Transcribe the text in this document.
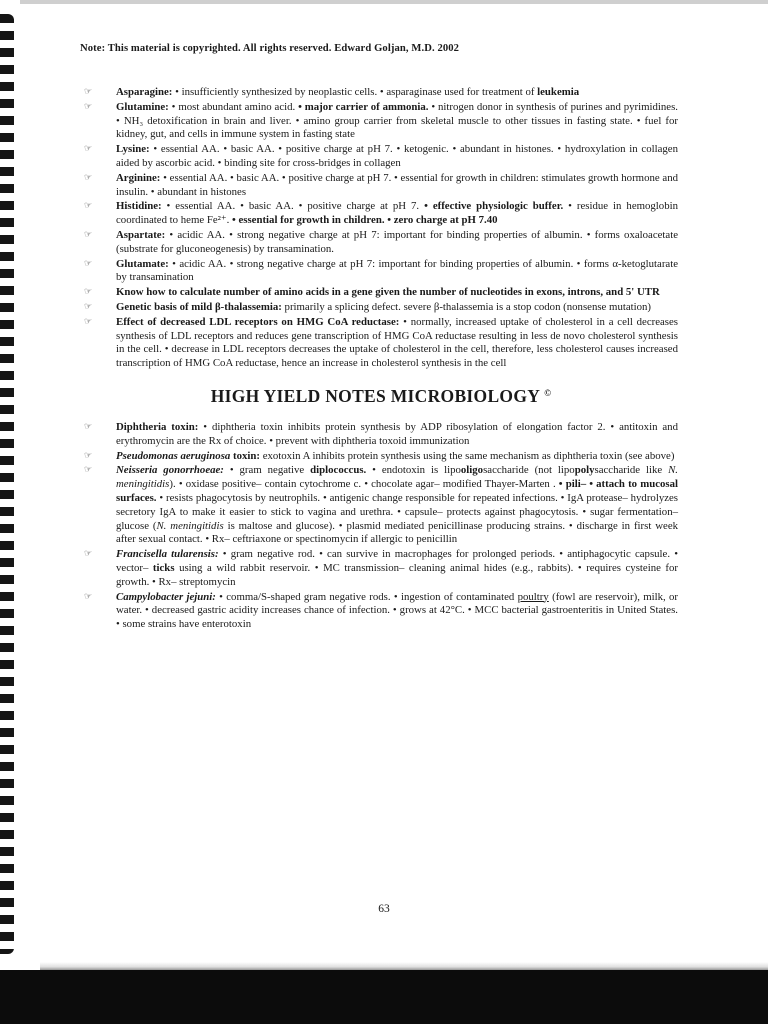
Note: This material is copyrighted. All rights reserved. Edward Goljan, M.D. 2002
☞	Asparagine: • insufficiently synthesized by neoplastic cells. • asparaginase used for treatment of leukemia
☞	Glutamine: • most abundant amino acid. • major carrier of ammonia. • nitrogen donor in synthesis of purines and pyrimidines. • NH₃ detoxification in brain and liver. • amino group carrier from skeletal muscle to other tissues in fasting state. • fuel for kidney, gut, and cells in immune system in fasting state
☞	Lysine: • essential AA. • basic AA. • positive charge at pH 7. • ketogenic. • abundant in histones. • hydroxylation in collagen aided by ascorbic acid. • binding site for cross-bridges in collagen
☞	Arginine: • essential AA. • basic AA. • positive charge at pH 7. • essential for growth in children: stimulates growth hormone and insulin. • abundant in histones
☞	Histidine: • essential AA. • basic AA. • positive charge at pH 7. • effective physiologic buffer. • residue in hemoglobin coordinated to heme Fe²⁺. • essential for growth in children. • zero charge at pH 7.40
☞	Aspartate: • acidic AA. • strong negative charge at pH 7: important for binding properties of albumin. • forms oxaloacetate (substrate for gluconeogenesis) by transamination.
☞	Glutamate: • acidic AA. • strong negative charge at pH 7: important for binding properties of albumin. • forms α-ketoglutarate by transamination
☞	Know how to calculate number of amino acids in a gene given the number of nucleotides in exons, introns, and 5' UTR
☞	Genetic basis of mild β-thalassemia: primarily a splicing defect. severe β-thalassemia is a stop codon (nonsense mutation)
☞	Effect of decreased LDL receptors on HMG CoA reductase: • normally, increased uptake of cholesterol in a cell decreases synthesis of LDL receptors and reduces gene transcription of HMG CoA reductase resulting in less de novo cholesterol synthesis in the cell. • decrease in LDL receptors decreases the uptake of cholesterol in the cell, therefore, less cholesterol causes increased transcription of HMG CoA reductase, hence an increase in cholesterol synthesis in the cell
HIGH YIELD NOTES MICROBIOLOGY ©
☞	Diphtheria toxin: • diphtheria toxin inhibits protein synthesis by ADP ribosylation of elongation factor 2. • antitoxin and erythromycin are the Rx of choice. • prevent with diphtheria toxoid immunization
☞	Pseudomonas aeruginosa toxin: exotoxin A inhibits protein synthesis using the same mechanism as diphtheria toxin (see above)
☞	Neisseria gonorrhoeae: • gram negative diplococcus. • endotoxin is lipooligosaccharide (not lipopolysaccharide like N. meningitidis). • oxidase positive– contain cytochrome c. • chocolate agar– modified Thayer-Marten . • pili– • attach to mucosal surfaces. • resists phagocytosis by neutrophils. • antigenic change responsible for repeated infections. • IgA protease– hydrolyzes secretory IgA to make it easier to stick to vagina and urethra. • capsule– protects against phagocytosis. • sugar fermentation– glucose (N. meningitidis is maltose and glucose). • plasmid mediated penicillinase producing strains. • discharge in first week after sexual contact. • Rx– ceftriaxone or spectinomycin if allergic to penicillin
☞	Francisella tularensis: • gram negative rod. • can survive in macrophages for prolonged periods. • antiphagocytic capsule. • vector– ticks using a wild rabbit reservoir. • MC transmission– cleaning animal hides (e.g., rabbits). • requires cysteine for growth. • Rx– streptomycin
☞	Campylobacter jejuni: • comma/S-shaped gram negative rods. • ingestion of contaminated poultry (fowl are reservoir), milk, or water. • decreased gastric acidity increases chance of infection. • grows at 42°C. • MCC bacterial gastroenteritis in United States. • some strains have enterotoxin
63
